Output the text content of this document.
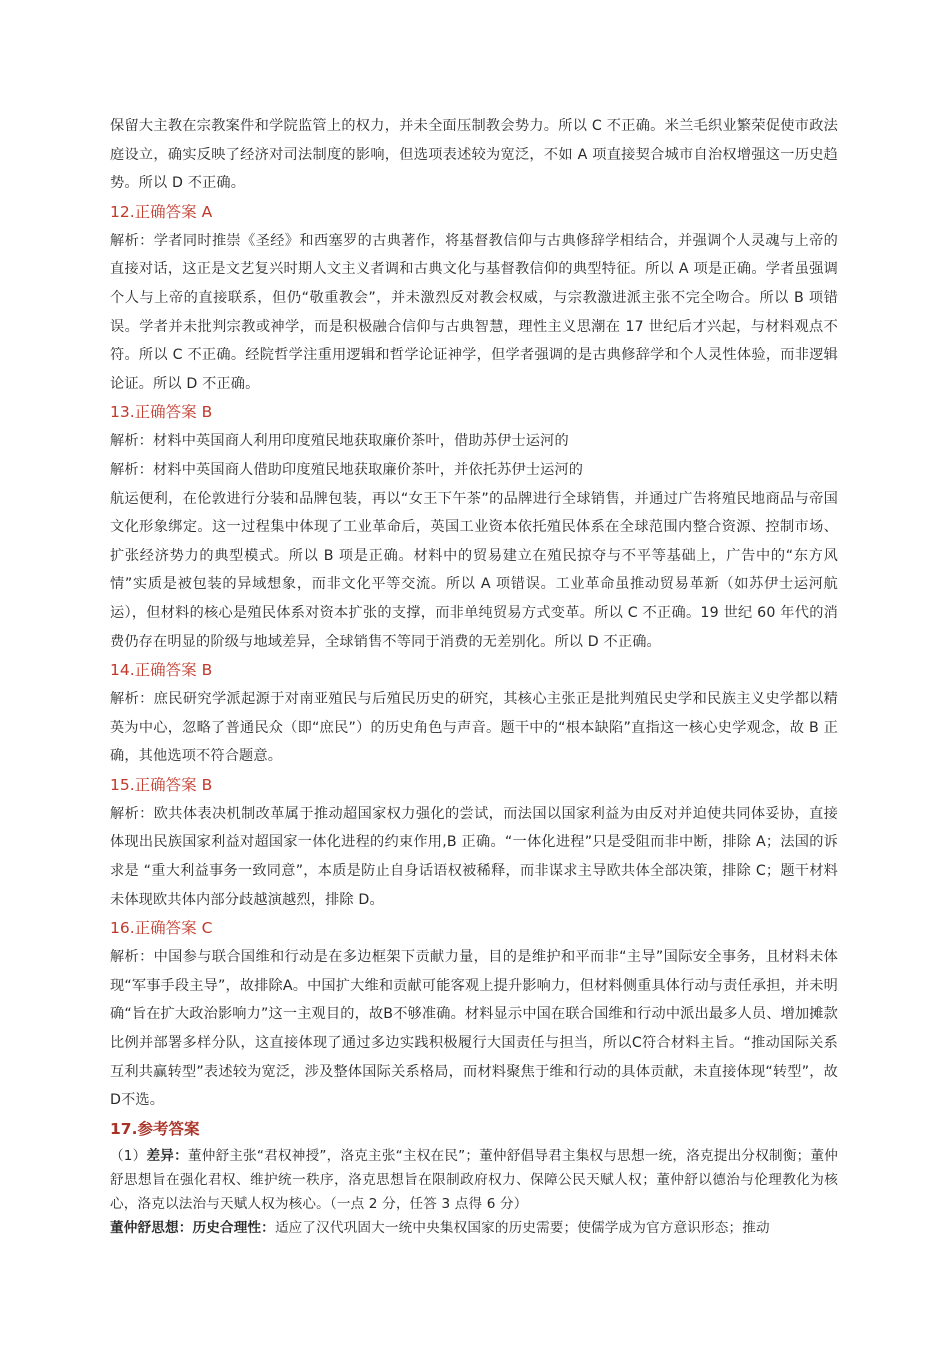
保留大主教在宗教案件和学院监管上的权力，并未全面压制教会势力。所以 C 不正确。米兰毛织业繁荣促使市政法庭设立，确实反映了经济对司法制度的影响，但选项表述较为宽泛，不如 A 项直接契合城市自治权增强这一历史趋势。所以 D 不正确。

12.正确答案 A

解析：学者同时推崇《圣经》和西塞罗的古典著作，将基督教信仰与古典修辞学相结合，并强调个人灵魂与上帝的直接对话，这正是文艺复兴时期人文主义者调和古典文化与基督教信仰的典型特征。所以 A 项是正确。学者虽强调个人与上帝的直接联系，但仍“敬重教会”，并未激烈反对教会权威，与宗教激进派主张不完全吻合。所以 B 项错误。学者并未批判宗教或神学，而是积极融合信仰与古典智慧，理性主义思潮在 17 世纪后才兴起，与材料观点不符。所以 C 不正确。经院哲学注重用逻辑和哲学论证神学，但学者强调的是古典修辞学和个人灵性体验，而非逻辑论证。所以 D 不正确。

13.正确答案 B

解析：材料中英国商人利用印度殖民地获取廉价茶叶，借助苏伊士运河的

解析：材料中英国商人借助印度殖民地获取廉价茶叶，并依托苏伊士运河的

航运便利，在伦敦进行分装和品牌包装，再以“女王下午茶”的品牌进行全球销售，并通过广告将殖民地商品与帝国文化形象绑定。这一过程集中体现了工业革命后，英国工业资本依托殖民体系在全球范围内整合资源、控制市场、扩张经济势力的典型模式。所以 B 项是正确。材料中的贸易建立在殖民掠夺与不平等基础上，广告中的“东方风情”实质是被包装的异域想象，而非文化平等交流。所以 A 项错误。工业革命虽推动贸易革新（如苏伊士运河航运），但材料的核心是殖民体系对资本扩张的支撑，而非单纯贸易方式变革。所以 C 不正确。19 世纪 60 年代的消费仍存在明显的阶级与地域差异，全球销售不等同于消费的无差别化。所以 D 不正确。

14.正确答案 B

解析：庶民研究学派起源于对南亚殖民与后殖民历史的研究，其核心主张正是批判殖民史学和民族主义史学都以精英为中心，忽略了普通民众（即“庶民”）的历史角色与声音。题干中的“根本缺陷”直指这一核心史学观念，故 B 正确，其他选项不符合题意。

15.正确答案 B

解析：欧共体表决机制改革属于推动超国家权力强化的尝试，而法国以国家利益为由反对并迫使共同体妥协，直接体现出民族国家利益对超国家一体化进程的约束作用,B 正确。“一体化进程”只是受阻而非中断，排除 A；法国的诉求是 “重大利益事务一致同意”，本质是防止自身话语权被稀释，而非谋求主导欧共体全部决策，排除 C；题干材料未体现欧共体内部分歧越演越烈，排除 D。

16.正确答案 C

解析：中国参与联合国维和行动是在多边框架下贡献力量，目的是维护和平而非“主导”国际安全事务，且材料未体现“军事手段主导”，故排除A。中国扩大维和贡献可能客观上提升影响力，但材料侧重具体行动与责任承担，并未明确“旨在扩大政治影响力”这一主观目的，故B不够准确。材料显示中国在联合国维和行动中派出最多人员、增加摊款比例并部署多样分队，这直接体现了通过多边实践积极履行大国责任与担当，所以C符合材料主旨。“推动国际关系互利共赢转型”表述较为宽泛，涉及整体国际关系格局，而材料聚焦于维和行动的具体贡献，未直接体现“转型”，故D不选。

17.参考答案

（1）差异：董仲舒主张“君权神授”，洛克主张“主权在民”；董仲舒倡导君主集权与思想一统，洛克提出分权制衡；董仲舒思想旨在强化君权、维护统一秩序，洛克思想旨在限制政府权力、保障公民天赋人权；董仲舒以德治与伦理教化为核心，洛克以法治与天赋人权为核心。（一点 2 分，任答 3 点得 6 分）

董仲舒思想：历史合理性：适应了汉代巩固大一统中央集权国家的历史需要；使儒学成为官方意识形态；推动
